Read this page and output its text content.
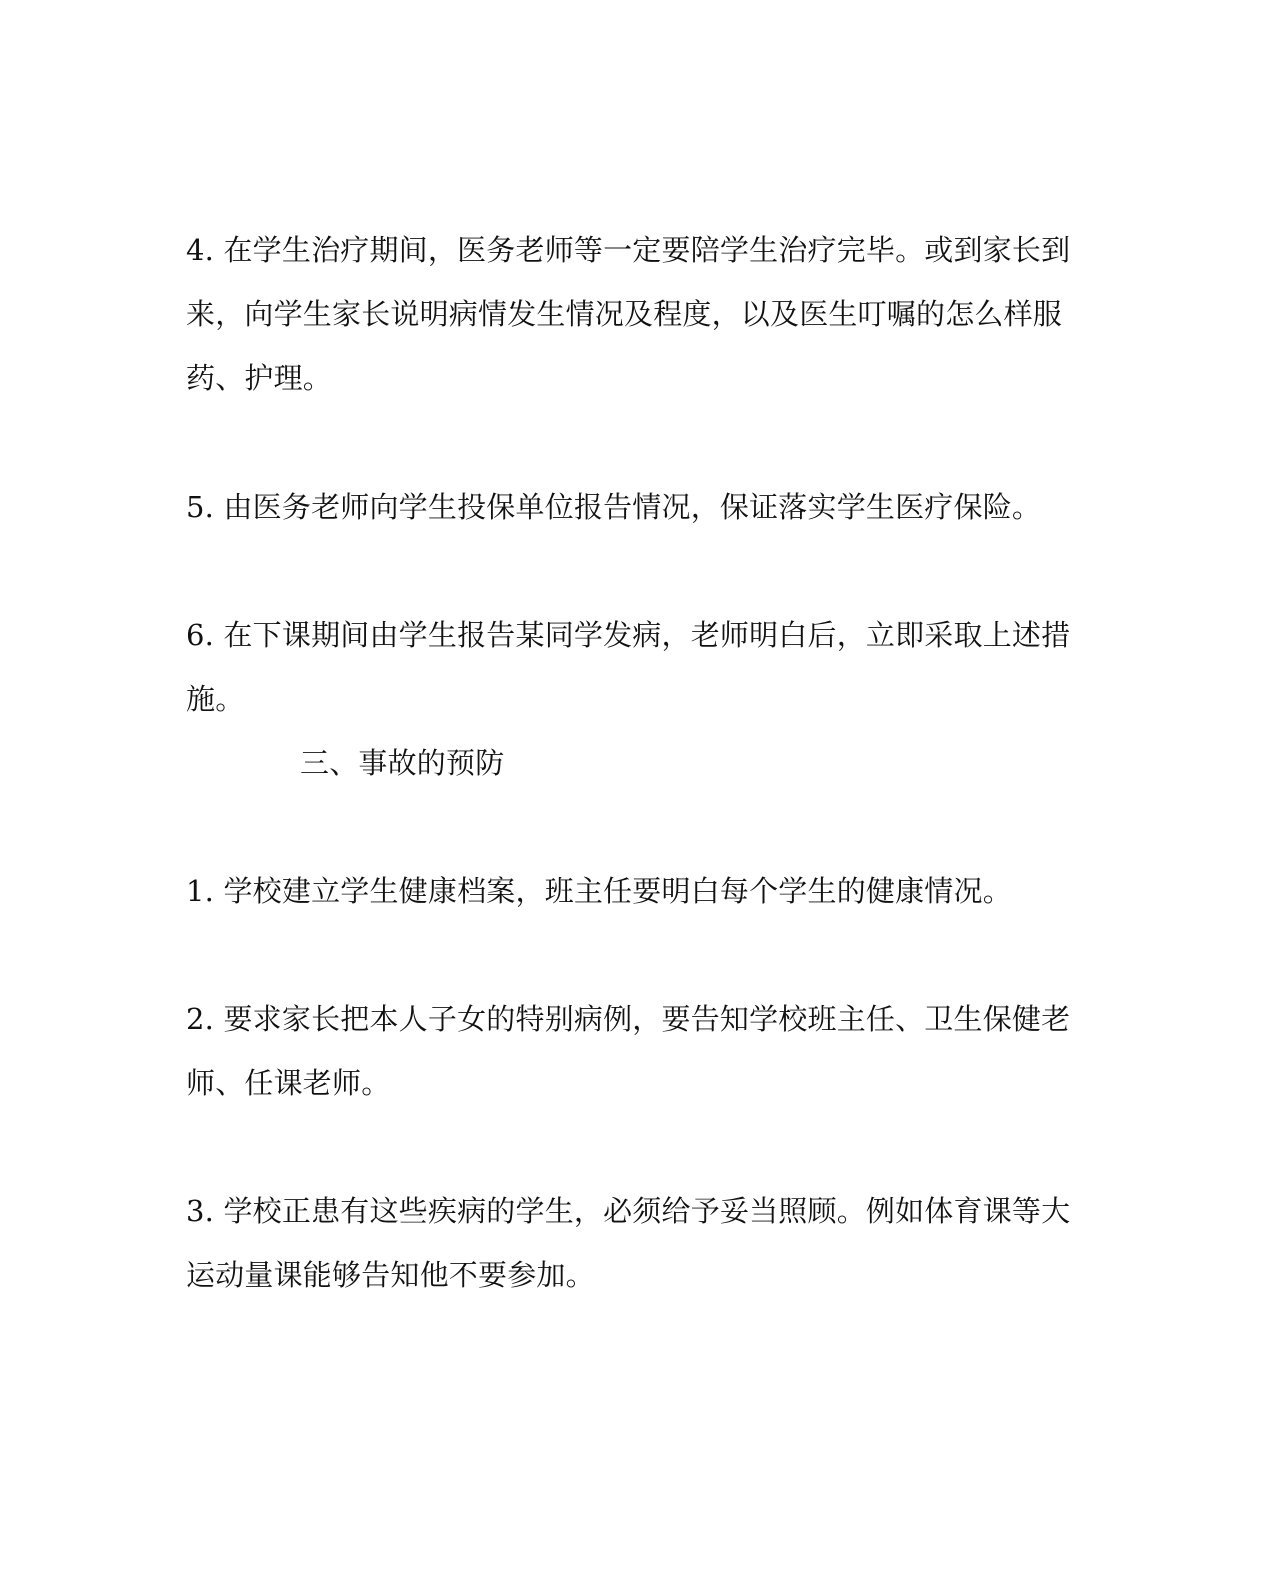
4. 在学生治疗期间，医务老师等一定要陪学生治疗完毕。或到家长到
来，向学生家长说明病情发生情况及程度，以及医生叮嘱的怎么样服
药、护理。
5. 由医务老师向学生投保单位报告情况，保证落实学生医疗保险。
6. 在下课期间由学生报告某同学发病，老师明白后，立即采取上述措
施。
三、事故的预防
1. 学校建立学生健康档案，班主任要明白每个学生的健康情况。
2. 要求家长把本人子女的特别病例，要告知学校班主任、卫生保健老
师、任课老师。
3. 学校正患有这些疾病的学生，必须给予妥当照顾。例如体育课等大
运动量课能够告知他不要参加。
